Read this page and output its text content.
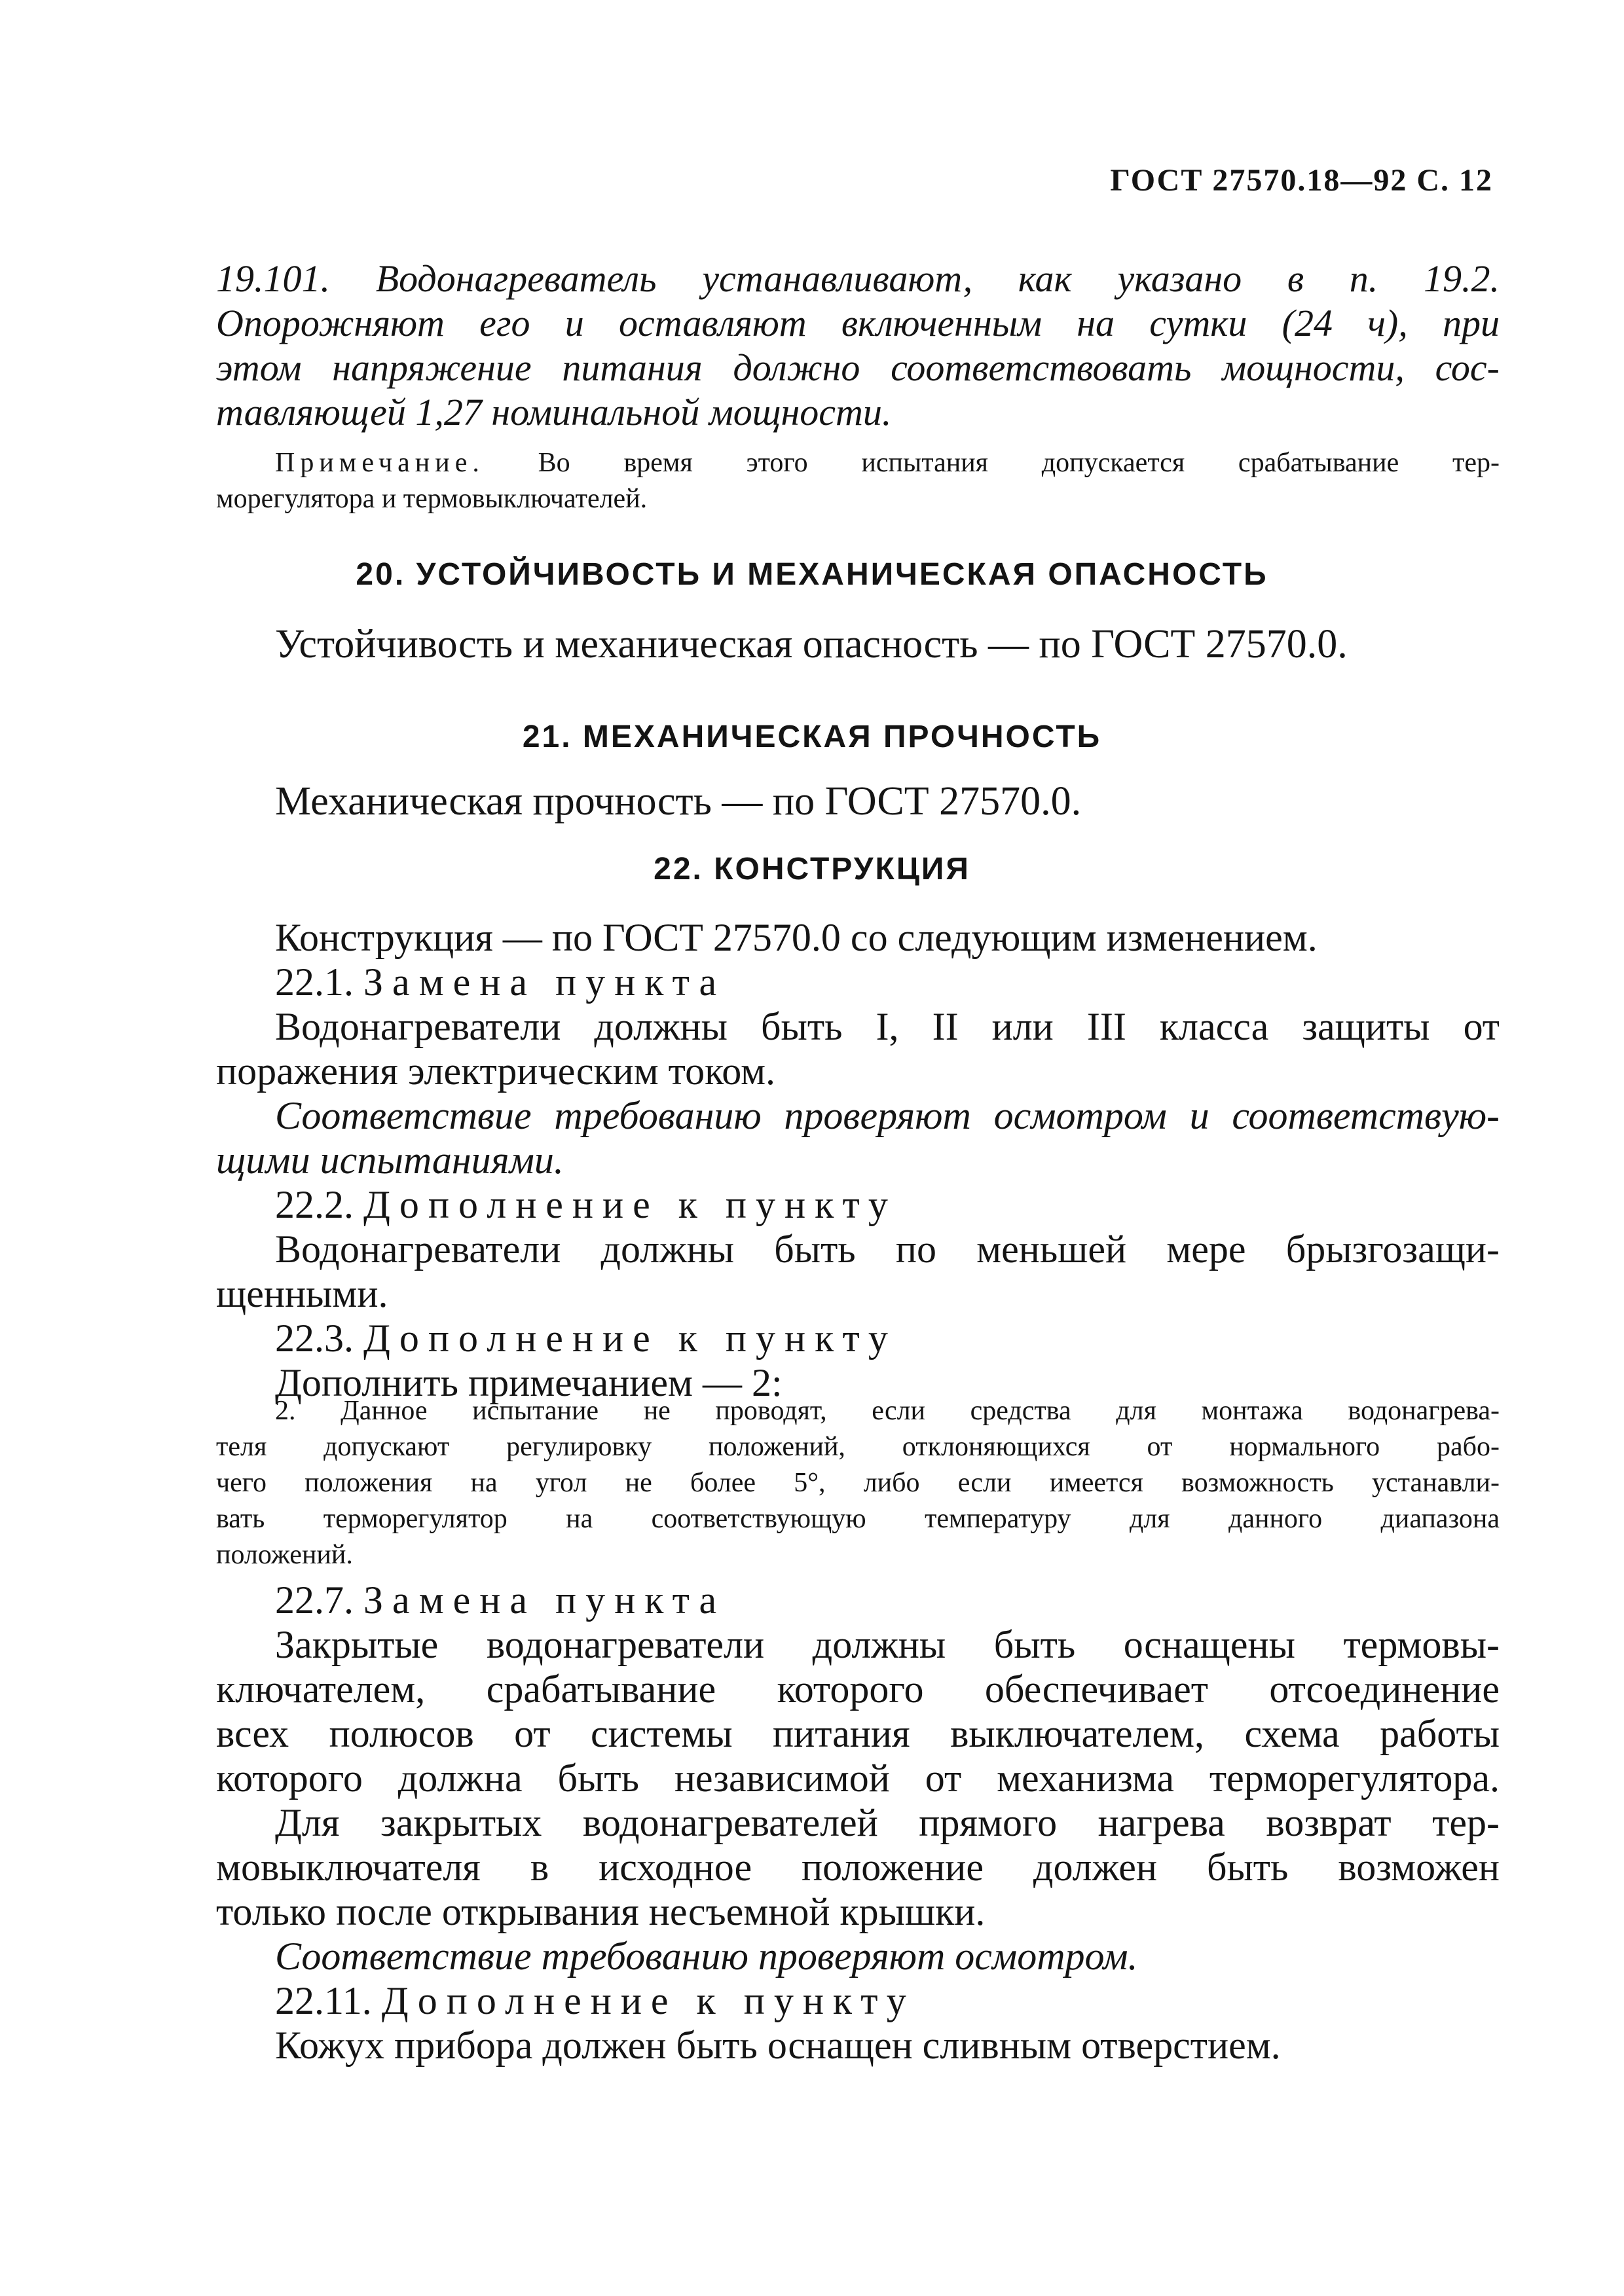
ГОСТ 27570.18—92 С. 12
19.101. Водонагреватель устанавливают, как указано в п. 19.2.
Опорожняют его и оставляют включенным на сутки (24 ч), при
этом напряжение питания должно соответствовать мощности, сос-
тавляющей 1,27 номинальной мощности.
Примечание. Во время этого испытания допускается срабатывание тер-
морегулятора и термовыключателей.
20. УСТОЙЧИВОСТЬ И МЕХАНИЧЕСКАЯ ОПАСНОСТЬ
Устойчивость и механическая опасность — по ГОСТ 27570.0.
21. МЕХАНИЧЕСКАЯ ПРОЧНОСТЬ
Механическая прочность — по ГОСТ 27570.0.
22. КОНСТРУКЦИЯ
Конструкция — по ГОСТ 27570.0 со следующим изменением.
22.1. Замена пункта
Водонагреватели должны быть I, II или III класса защиты от
поражения электрическим током.
Соответствие требованию проверяют осмотром и соответствую-
щими испытаниями.
22.2. Дополнение к пункту
Водонагреватели должны быть по меньшей мере брызгозащи-
щенными.
22.3. Дополнение к пункту
Дополнить примечанием — 2:
2. Данное испытание не проводят, если средства для монтажа водонагрева-
теля допускают регулировку положений, отклоняющихся от нормального рабо-
чего положения на угол не более 5°, либо если имеется возможность устанавли-
вать терморегулятор на соответствующую температуру для данного диапазона
положений.
22.7. Замена пункта
Закрытые водонагреватели должны быть оснащены термовы-
ключателем, срабатывание которого обеспечивает отсоединение
всех полюсов от системы питания выключателем, схема работы
которого должна быть независимой от механизма терморегулятора.
Для закрытых водонагревателей прямого нагрева возврат тер-
мовыключателя в исходное положение должен быть возможен
только после открывания несъемной крышки.
Соответствие требованию проверяют осмотром.
22.11. Дополнение к пункту
Кожух прибора должен быть оснащен сливным отверстием.
